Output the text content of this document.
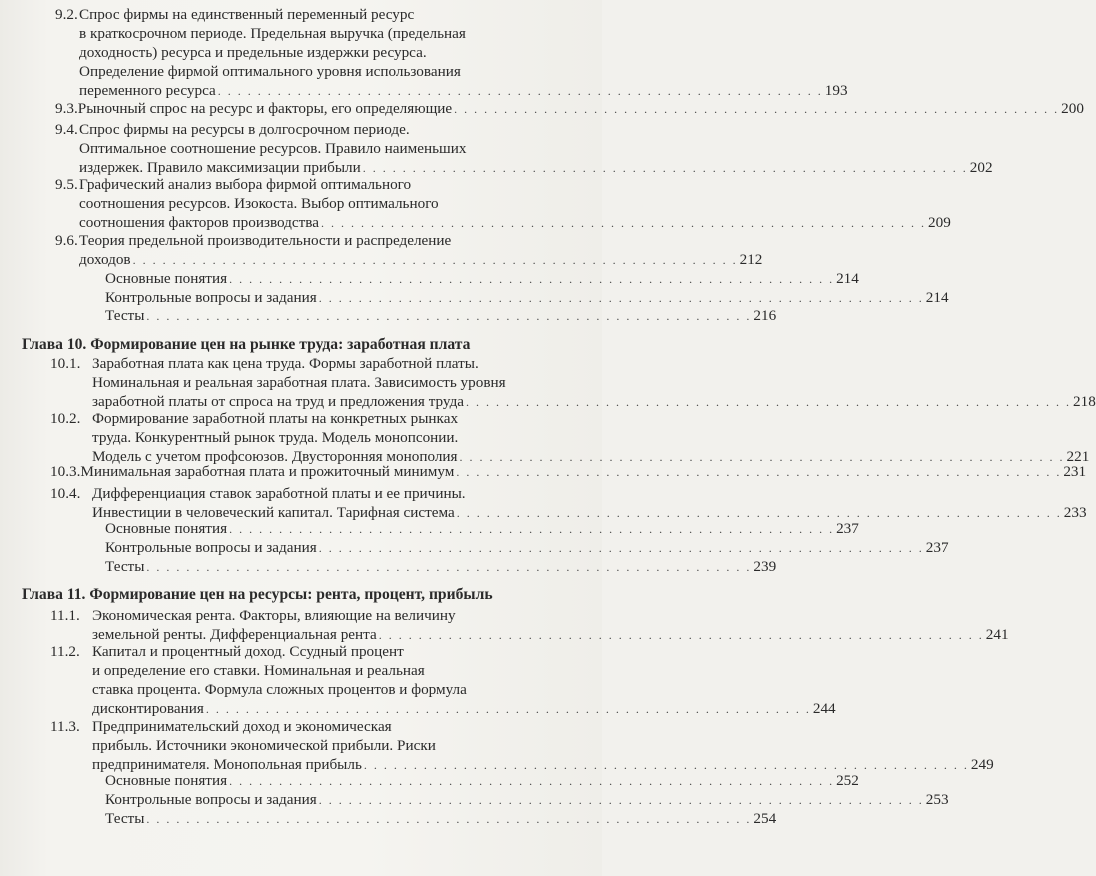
9.2.Спрос фирмы на единственный переменный ресурс
в краткосрочном периоде. Предельная выручка (предельная
доходность) ресурса и предельные издержки ресурса.
Определение фирмой оптимального уровня использования
переменного ресурса . . . . . . . . . . . . . . . . . . . . . . . . . . . . . . . . . . . . . . . . . . . . . . . . . . . . . . . . . . . . . 193
9.3. Рыночный спрос на ресурс и факторы, его определяющие . . . . . . . . . . . . . . . . . . . . . . . . . . . . . . . . . . . . . . . . . . . . . . . . . . . . . . . . . . . . . 200
9.4.Спрос фирмы на ресурсы в долгосрочном периоде.
Оптимальное соотношение ресурсов. Правило наименьших
издержек. Правило максимизации прибыли . . . . . . . . . . . . . . . . . . . . . . . . . . . . . . . . . . . . . . . . . . . . . . . . . . . . . . . . . . . . . 202
9.5.Графический анализ выбора фирмой оптимального
соотношения ресурсов. Изокоста. Выбор оптимального
соотношения факторов производства . . . . . . . . . . . . . . . . . . . . . . . . . . . . . . . . . . . . . . . . . . . . . . . . . . . . . . . . . . . . . 209
9.6.Теория предельной производительности и распределение
доходов . . . . . . . . . . . . . . . . . . . . . . . . . . . . . . . . . . . . . . . . . . . . . . . . . . . . . . . . . . . . . 212
Основные понятия . . . . . . . . . . . . . . . . . . . . . . . . . . . . . . . . . . . . . . . . . . . . . . . . . . . . . . . . . . . . . 214
Контрольные вопросы и задания . . . . . . . . . . . . . . . . . . . . . . . . . . . . . . . . . . . . . . . . . . . . . . . . . . . . . . . . . . . . . 214
Тесты . . . . . . . . . . . . . . . . . . . . . . . . . . . . . . . . . . . . . . . . . . . . . . . . . . . . . . . . . . . . . 216
Глава 10. Формирование цен на рынке труда: заработная плата
10.1. Заработная плата как цена труда. Формы заработной платы.
Номинальная и реальная заработная плата. Зависимость уровня
заработной платы от спроса на труд и предложения труда . . . . . . . . . . . . . . . . . . . . . . . . . . . . . . . . . . . . . . . . . . . . . . . . . . . . . . . . . . . . . 218
10.2. Формирование заработной платы на конкретных рынках
труда. Конкурентный рынок труда. Модель монопсонии.
Модель с учетом профсоюзов. Двусторонняя монополия . . . . . . . . . . . . . . . . . . . . . . . . . . . . . . . . . . . . . . . . . . . . . . . . . . . . . . . . . . . . . 221
10.3. Минимальная заработная плата и прожиточный минимум . . . . . . . . . . . . . . . . . . . . . . . . . . . . . . . . . . . . . . . . . . . . . . . . . . . . . . . . . . . . . 231
10.4. Дифференциация ставок заработной платы и ее причины.
Инвестиции в человеческий капитал. Тарифная система . . . . . . . . . . . . . . . . . . . . . . . . . . . . . . . . . . . . . . . . . . . . . . . . . . . . . . . . . . . . . 233
Основные понятия . . . . . . . . . . . . . . . . . . . . . . . . . . . . . . . . . . . . . . . . . . . . . . . . . . . . . . . . . . . . . 237
Контрольные вопросы и задания . . . . . . . . . . . . . . . . . . . . . . . . . . . . . . . . . . . . . . . . . . . . . . . . . . . . . . . . . . . . . 237
Тесты . . . . . . . . . . . . . . . . . . . . . . . . . . . . . . . . . . . . . . . . . . . . . . . . . . . . . . . . . . . . . 239
Глава 11. Формирование цен на ресурсы: рента, процент, прибыль
11.1. Экономическая рента. Факторы, влияющие на величину
земельной ренты. Дифференциальная рента . . . . . . . . . . . . . . . . . . . . . . . . . . . . . . . . . . . . . . . . . . . . . . . . . . . . . . . . . . . . . 241
11.2. Капитал и процентный доход. Ссудный процент
и определение его ставки. Номинальная и реальная
ставка процента. Формула сложных процентов и формула
дисконтирования . . . . . . . . . . . . . . . . . . . . . . . . . . . . . . . . . . . . . . . . . . . . . . . . . . . . . . . . . . . . . 244
11.3. Предпринимательский доход и экономическая
прибыль. Источники экономической прибыли. Риски
предпринимателя. Монопольная прибыль . . . . . . . . . . . . . . . . . . . . . . . . . . . . . . . . . . . . . . . . . . . . . . . . . . . . . . . . . . . . . 249
Основные понятия . . . . . . . . . . . . . . . . . . . . . . . . . . . . . . . . . . . . . . . . . . . . . . . . . . . . . . . . . . . . . 252
Контрольные вопросы и задания . . . . . . . . . . . . . . . . . . . . . . . . . . . . . . . . . . . . . . . . . . . . . . . . . . . . . . . . . . . . . 253
Тесты . . . . . . . . . . . . . . . . . . . . . . . . . . . . . . . . . . . . . . . . . . . . . . . . . . . . . . . . . . . . . 254
